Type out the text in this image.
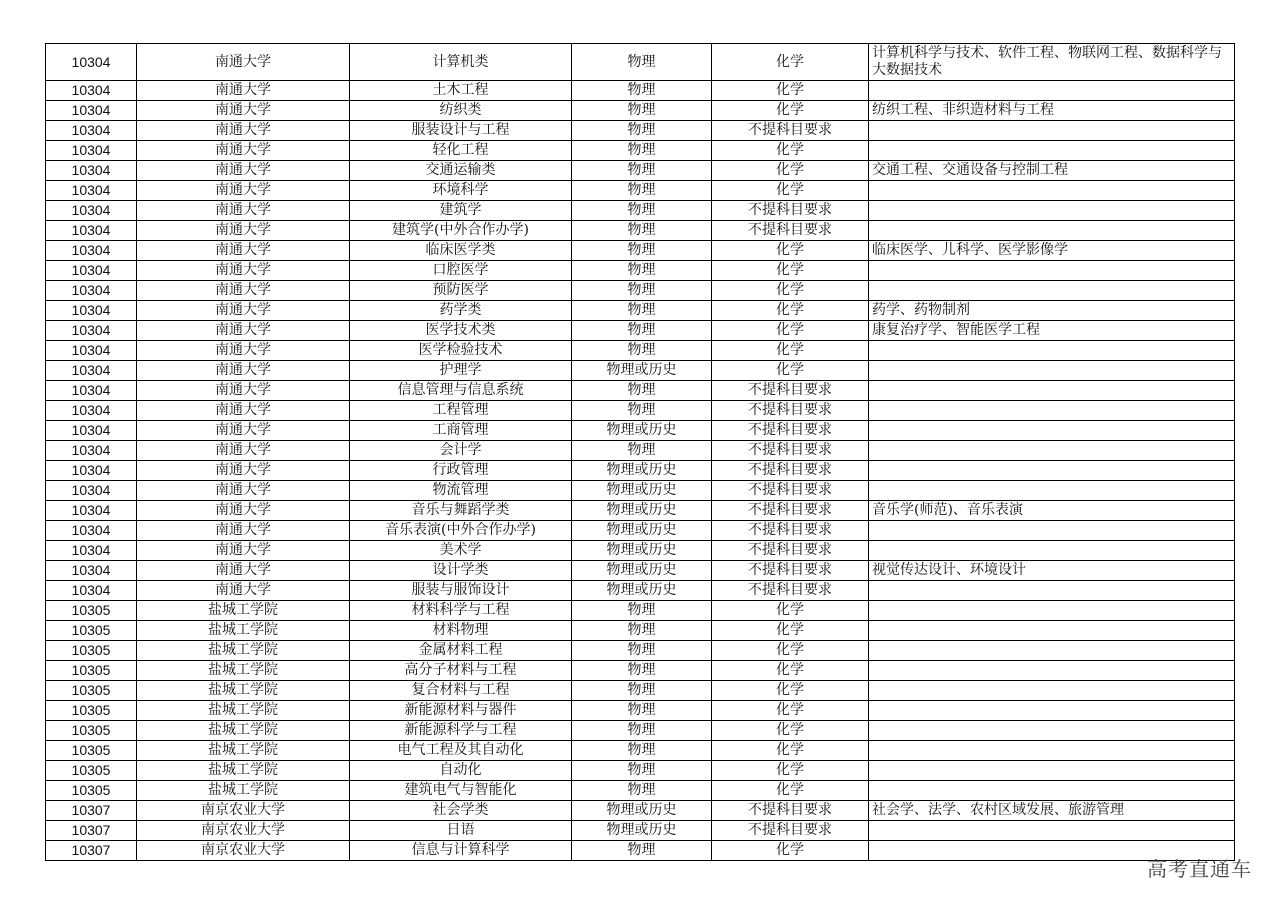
10304	南通大学	计算机类	物理	化学	计算机科学与技术、软件工程、物联网工程、数据科学与大数据技术
10304	南通大学	土木工程	物理	化学	
10304	南通大学	纺织类	物理	化学	纺织工程、非织造材料与工程
10304	南通大学	服装设计与工程	物理	不提科目要求	
10304	南通大学	轻化工程	物理	化学	
10304	南通大学	交通运输类	物理	化学	交通工程、交通设备与控制工程
10304	南通大学	环境科学	物理	化学	
10304	南通大学	建筑学	物理	不提科目要求	
10304	南通大学	建筑学(中外合作办学)	物理	不提科目要求	
10304	南通大学	临床医学类	物理	化学	临床医学、儿科学、医学影像学
10304	南通大学	口腔医学	物理	化学	
10304	南通大学	预防医学	物理	化学	
10304	南通大学	药学类	物理	化学	药学、药物制剂
10304	南通大学	医学技术类	物理	化学	康复治疗学、智能医学工程
10304	南通大学	医学检验技术	物理	化学	
10304	南通大学	护理学	物理或历史	化学	
10304	南通大学	信息管理与信息系统	物理	不提科目要求	
10304	南通大学	工程管理	物理	不提科目要求	
10304	南通大学	工商管理	物理或历史	不提科目要求	
10304	南通大学	会计学	物理	不提科目要求	
10304	南通大学	行政管理	物理或历史	不提科目要求	
10304	南通大学	物流管理	物理或历史	不提科目要求	
10304	南通大学	音乐与舞蹈学类	物理或历史	不提科目要求	音乐学(师范)、音乐表演
10304	南通大学	音乐表演(中外合作办学)	物理或历史	不提科目要求	
10304	南通大学	美术学	物理或历史	不提科目要求	
10304	南通大学	设计学类	物理或历史	不提科目要求	视觉传达设计、环境设计
10304	南通大学	服装与服饰设计	物理或历史	不提科目要求	
10305	盐城工学院	材料科学与工程	物理	化学	
10305	盐城工学院	材料物理	物理	化学	
10305	盐城工学院	金属材料工程	物理	化学	
10305	盐城工学院	高分子材料与工程	物理	化学	
10305	盐城工学院	复合材料与工程	物理	化学	
10305	盐城工学院	新能源材料与器件	物理	化学	
10305	盐城工学院	新能源科学与工程	物理	化学	
10305	盐城工学院	电气工程及其自动化	物理	化学	
10305	盐城工学院	自动化	物理	化学	
10305	盐城工学院	建筑电气与智能化	物理	化学	
10307	南京农业大学	社会学类	物理或历史	不提科目要求	社会学、法学、农村区域发展、旅游管理
10307	南京农业大学	日语	物理或历史	不提科目要求	
10307	南京农业大学	信息与计算科学	物理	化学	
高考直通车
